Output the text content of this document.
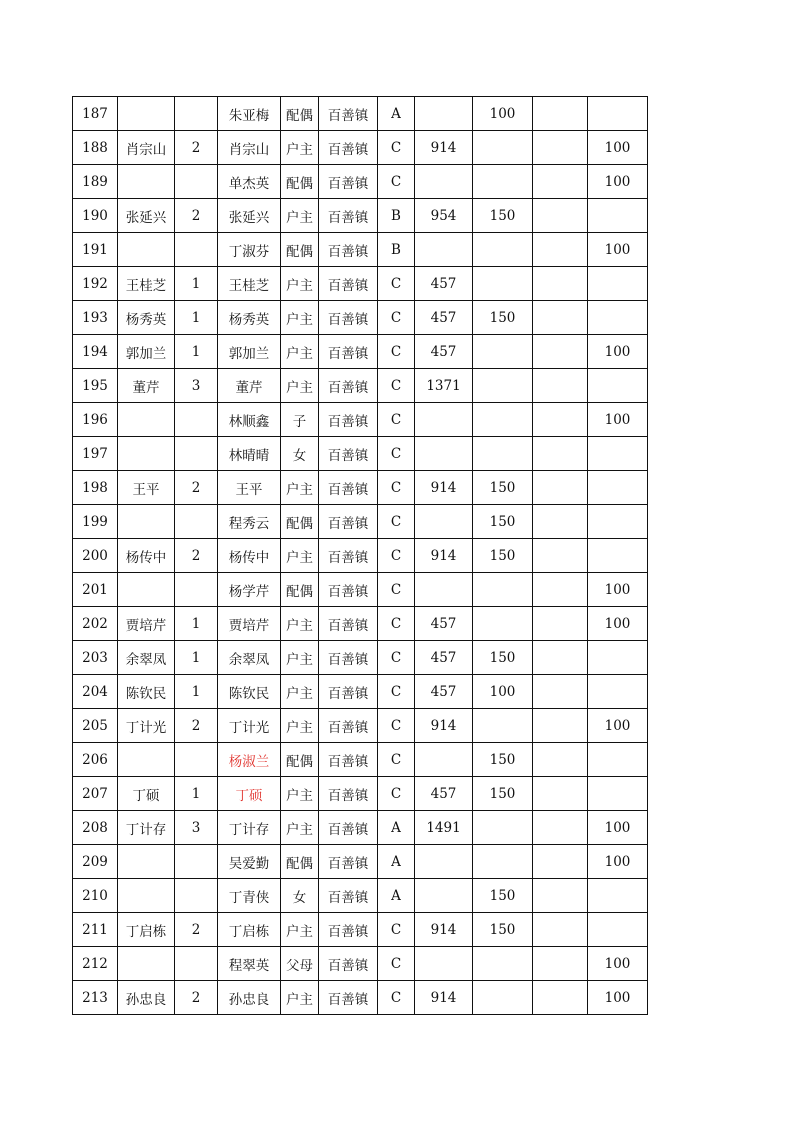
187			朱亚梅	配偶	百善镇	A		100		
188	肖宗山	2	肖宗山	户主	百善镇	C	914			100
189			单杰英	配偶	百善镇	C				100
190	张延兴	2	张延兴	户主	百善镇	B	954	150		
191			丁淑芬	配偶	百善镇	B				100
192	王桂芝	1	王桂芝	户主	百善镇	C	457			
193	杨秀英	1	杨秀英	户主	百善镇	C	457	150		
194	郭加兰	1	郭加兰	户主	百善镇	C	457			100
195	董芹	3	董芹	户主	百善镇	C	1371			
196			林顺鑫	子	百善镇	C				100
197			林晴晴	女	百善镇	C				
198	王平	2	王平	户主	百善镇	C	914	150		
199			程秀云	配偶	百善镇	C		150		
200	杨传中	2	杨传中	户主	百善镇	C	914	150		
201			杨学芹	配偶	百善镇	C				100
202	贾培芹	1	贾培芹	户主	百善镇	C	457			100
203	余翠凤	1	余翠凤	户主	百善镇	C	457	150		
204	陈钦民	1	陈钦民	户主	百善镇	C	457	100		
205	丁计光	2	丁计光	户主	百善镇	C	914			100
206			杨淑兰	配偶	百善镇	C		150		
207	丁硕	1	丁硕	户主	百善镇	C	457	150		
208	丁计存	3	丁计存	户主	百善镇	A	1491			100
209			吴爱勤	配偶	百善镇	A				100
210			丁青侠	女	百善镇	A		150		
211	丁启栋	2	丁启栋	户主	百善镇	C	914	150		
212			程翠英	父母	百善镇	C				100
213	孙忠良	2	孙忠良	户主	百善镇	C	914			100
